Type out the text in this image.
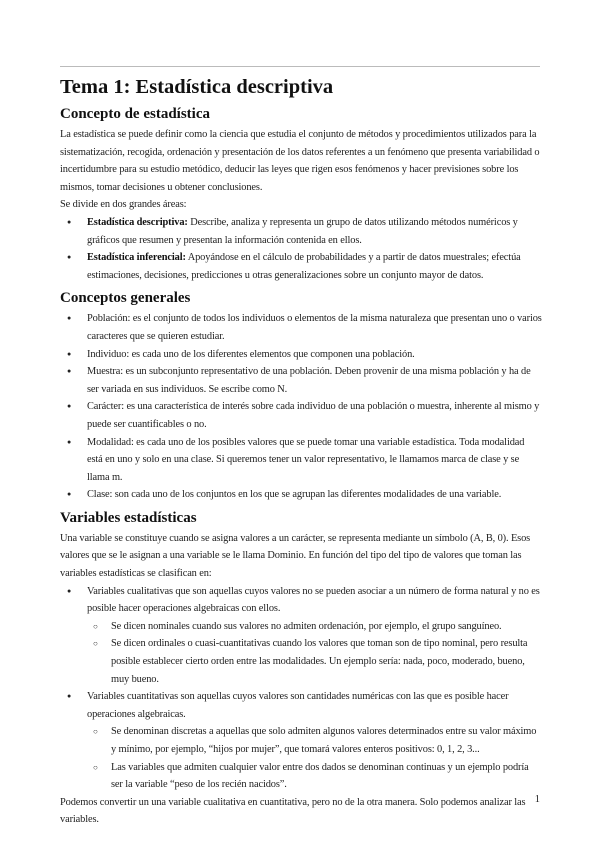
Tema 1: Estadística descriptiva
Concepto de estadística

La estadística se puede definir como la ciencia que estudia el conjunto de métodos y procedimientos utilizados para la sistematización, recogida, ordenación y presentación de los datos referentes a un fenómeno que presenta variabilidad o incertidumbre para su estudio metódico, deducir las leyes que rigen esos fenómenos y hacer previsiones sobre los mismos, tomar decisiones u obtener conclusiones.

Se divide en dos grandes áreas:

● Estadística descriptiva: Describe, analiza y representa un grupo de datos utilizando métodos numéricos y gráficos que resumen y presentan la información contenida en ellos.
● Estadística inferencial: Apoyándose en el cálculo de probabilidades y a partir de datos muestrales; efectúa estimaciones, decisiones, predicciones u otras generalizaciones sobre un conjunto mayor de datos.
Conceptos generales
● Población: es el conjunto de todos los individuos o elementos de la misma naturaleza que presentan uno o varios caracteres que se quieren estudiar.
● Individuo: es cada uno de los diferentes elementos que componen una población.
● Muestra: es un subconjunto representativo de una población. Deben provenir de una misma población y ha de ser variada en sus individuos. Se escribe como N.
● Carácter: es una característica de interés sobre cada individuo de una población o muestra, inherente al mismo y puede ser cuantificables o no.
● Modalidad: es cada uno de los posibles valores que se puede tomar una variable estadística. Toda modalidad está en uno y solo en una clase. Si queremos tener un valor representativo, le llamamos marca de clase y se llama m.
● Clase: son cada uno de los conjuntos en los que se agrupan las diferentes modalidades de una variable.
Variables estadísticas

Una variable se constituye cuando se asigna valores a un carácter, se representa mediante un símbolo (A, B, 0). Esos valores que se le asignan a una variable se le llama Dominio. En función del tipo del tipo de valores que toman las variables estadísticas se clasifican en:

● Variables cualitativas que son aquellas cuyos valores no se pueden asociar a un número de forma natural y no es posible hacer operaciones algebraicas con ellos.
○ Se dicen nominales cuando sus valores no admiten ordenación, por ejemplo, el grupo sanguíneo.
○ Se dicen ordinales o cuasi-cuantitativas cuando los valores que toman son de tipo nominal, pero resulta posible establecer cierto orden entre las modalidades. Un ejemplo sería: nada, poco, moderado, bueno, muy bueno.
● Variables cuantitativas son aquellas cuyos valores son cantidades numéricas con las que es posible hacer operaciones algebraicas.
○ Se denominan discretas a aquellas que solo admiten algunos valores determinados entre su valor máximo y mínimo, por ejemplo, “hijos por mujer”, que tomará valores enteros positivos: 0, 1, 2, 3...
○ Las variables que admiten cualquier valor entre dos dados se denominan continuas y un ejemplo podría ser la variable “peso de los recién nacidos”.

Podemos convertir un una variable cualitativa en cuantitativa, pero no de la otra manera. Solo podemos analizar las variables.

1
